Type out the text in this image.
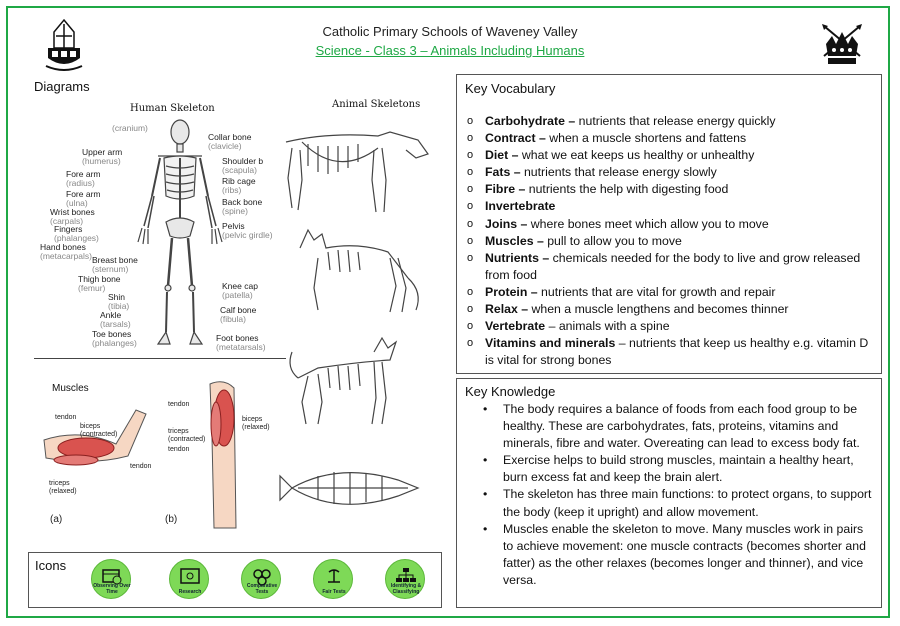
Catholic Primary Schools of Waveney Valley
Science - Class 3 – Animals Including Humans
Diagrams
Human Skeleton	Animal Skeletons
Muscles
(cranium)
Upper arm
(humerus)
Fore arm
(radius)
Fore arm
(ulna)
Wrist bones
(carpals)
Fingers
(phalanges)
Hand bones
(metacarpals) Breast bone
(sternum)
Thigh bone
(femur)
Shin
(tibia)
Ankle
(tarsals)
Toe bones
(phalanges)
Collar bone
(clavicle)
Shoulder b
(scapula)
Rib cage
(ribs)
Back bone
(spine)
Pelvis
(pelvic girdle)
Knee cap
(patella)
Calf bone
(fibula)
Foot bones
(metatarsals)
tendon
biceps
(contracted)
tendon
triceps
(relaxed)
(a)
tendon
biceps
(relaxed)
triceps
(contracted)
tendon
(b)
Icons
Observing Over Time	Research
Comparative Tests	Fair Tests
Identifying & Classifying
Key Vocabulary
o Carbohydrate – nutrients that release energy quickly
o Contract – when a muscle shortens and fattens
o Diet – what we eat keeps us healthy or unhealthy
o Fats – nutrients that release energy slowly
o Fibre – nutrients the help with digesting food
o Invertebrate
o Joins – where bones meet which allow you to move
o Muscles – pull to allow you to move
o Nutrients – chemicals needed for the body to live and grow released from food
o Protein – nutrients that are vital for growth and repair
o Relax – when a muscle lengthens and becomes thinner
o Vertebrate – animals with a spine
o Vitamins and minerals – nutrients that keep us healthy e.g. vitamin D is vital for strong bones
Key Knowledge
• The body requires a balance of foods from each food group to be healthy. These are carbohydrates, fats, proteins, vitamins and minerals, fibre and water. Overeating can lead to excess body fat.
• Exercise helps to build strong muscles, maintain a healthy heart, burn excess fat and keep the brain alert.
• The skeleton has three main functions: to protect organs, to support the body (keep it upright) and allow movement.
• Muscles enable the skeleton to move. Many muscles work in pairs to achieve movement: one muscle contracts (becomes shorter and fatter) as the other relaxes (becomes longer and thinner), and vice versa.
